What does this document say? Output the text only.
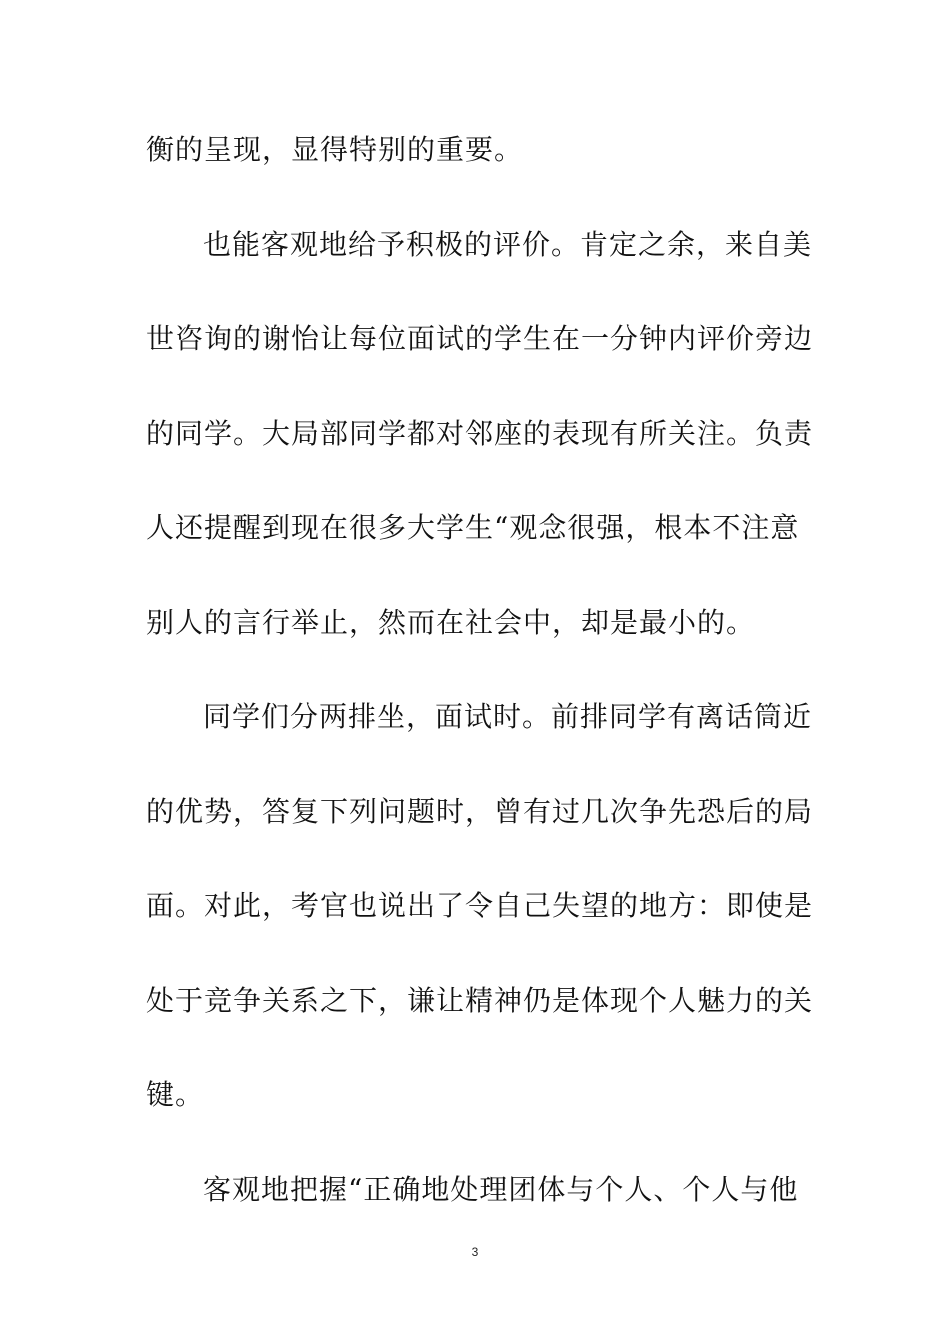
衡的呈现，显得特别的重要。
也能客观地给予积极的评价。肯定之余，来自美
世咨询的谢怡让每位面试的学生在一分钟内评价旁边
的同学。大局部同学都对邻座的表现有所关注。负责
人还提醒到现在很多大学生“观念很强，根本不注意
别人的言行举止，然而在社会中，却是最小的。
同学们分两排坐，面试时。前排同学有离话筒近
的优势，答复下列问题时，曾有过几次争先恐后的局
面。对此，考官也说出了令自己失望的地方：即使是
处于竞争关系之下，谦让精神仍是体现个人魅力的关
键。
客观地把握“正确地处理团体与个人、个人与他
3
